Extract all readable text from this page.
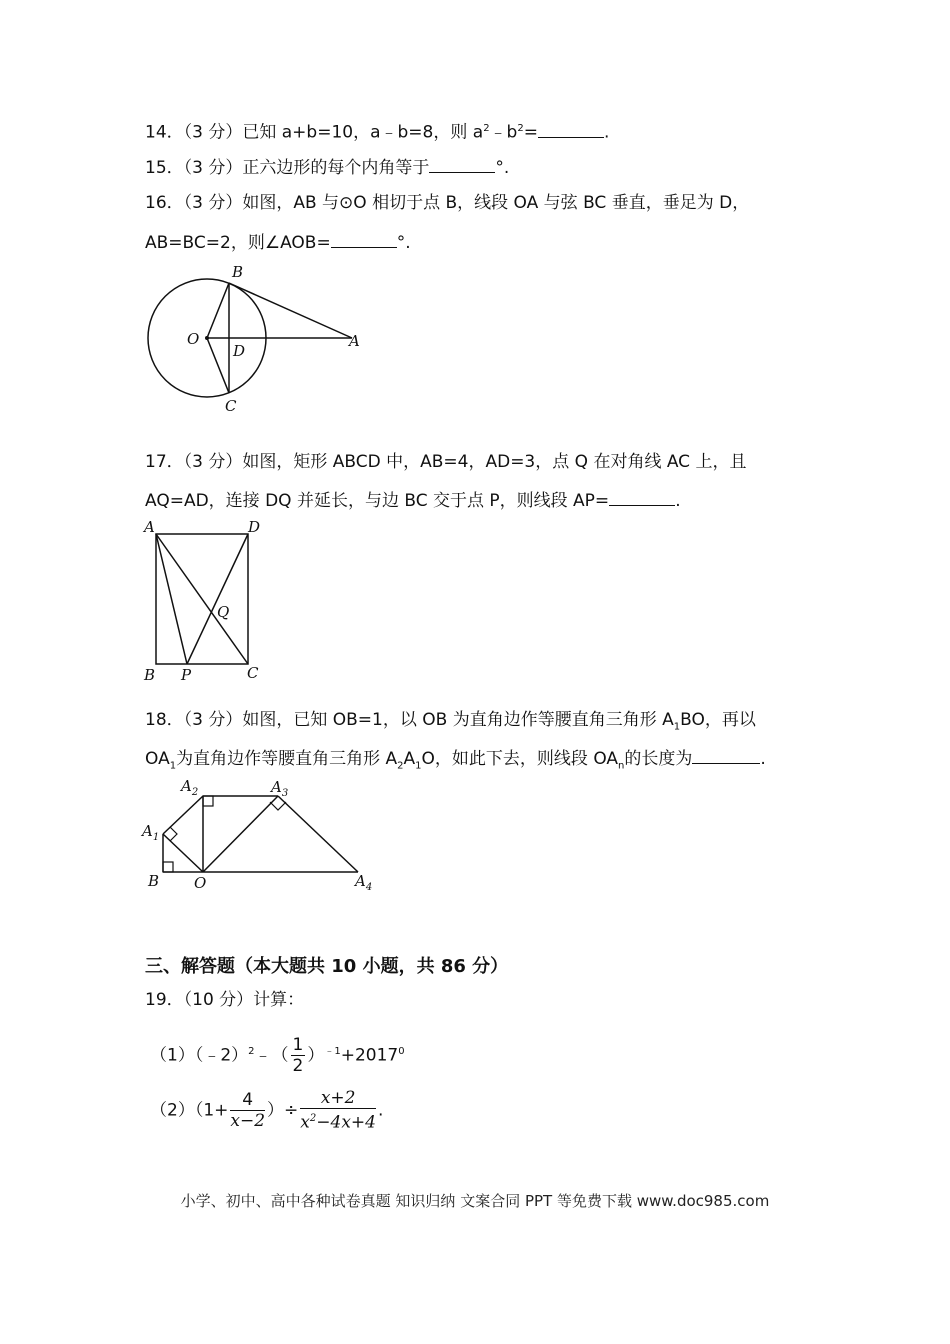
14．（3 分）已知 a+b=10，a﹣b=8，则 $a^2﹣b^2=$	.
15．（3 分）正六边形的每个内角等于	°.
16．（3 分）如图，AB 与⊙O 相切于点 B，线段 OA 与弦 BC 垂直，垂足为 D，
AB=BC=2，则∠AOB=	°.
B
O
D
A
C
17．（3 分）如图，矩形 ABCD 中，AB=4，AD=3，点 Q 在对角线 AC 上，且
AQ=AD，连接 DQ 并延长，与边 BC 交于点 P，则线段 AP=	.
A	D
Q
B P	C
18．（3 分）如图，已知 OB=1，以 OB 为直角边作等腰直角三角形 $A_1BO$，再以
$OA_1$为直角边作等腰直角三角形 $A_2A_1O$，如此下去，则线段 $OA_n$的长度为	.
$A_1$
$A_2$	$A_3$
$A_4$
B O
三、解答题（本大题共 10 小题，共 86 分）
19．（10 分）计算：
（1）（﹣2）$^2$﹣（ $\frac{1}{2} )^{﹣1}+2017^0$
$(2)(1+ \frac{4}{x-2}$ ）÷ $\frac{x+2}{x^2-4x+4}$ .
小学、初中、高中各种试卷真题 知识归纳 文案合同 PPT 等免费下载 www.doc985.com
